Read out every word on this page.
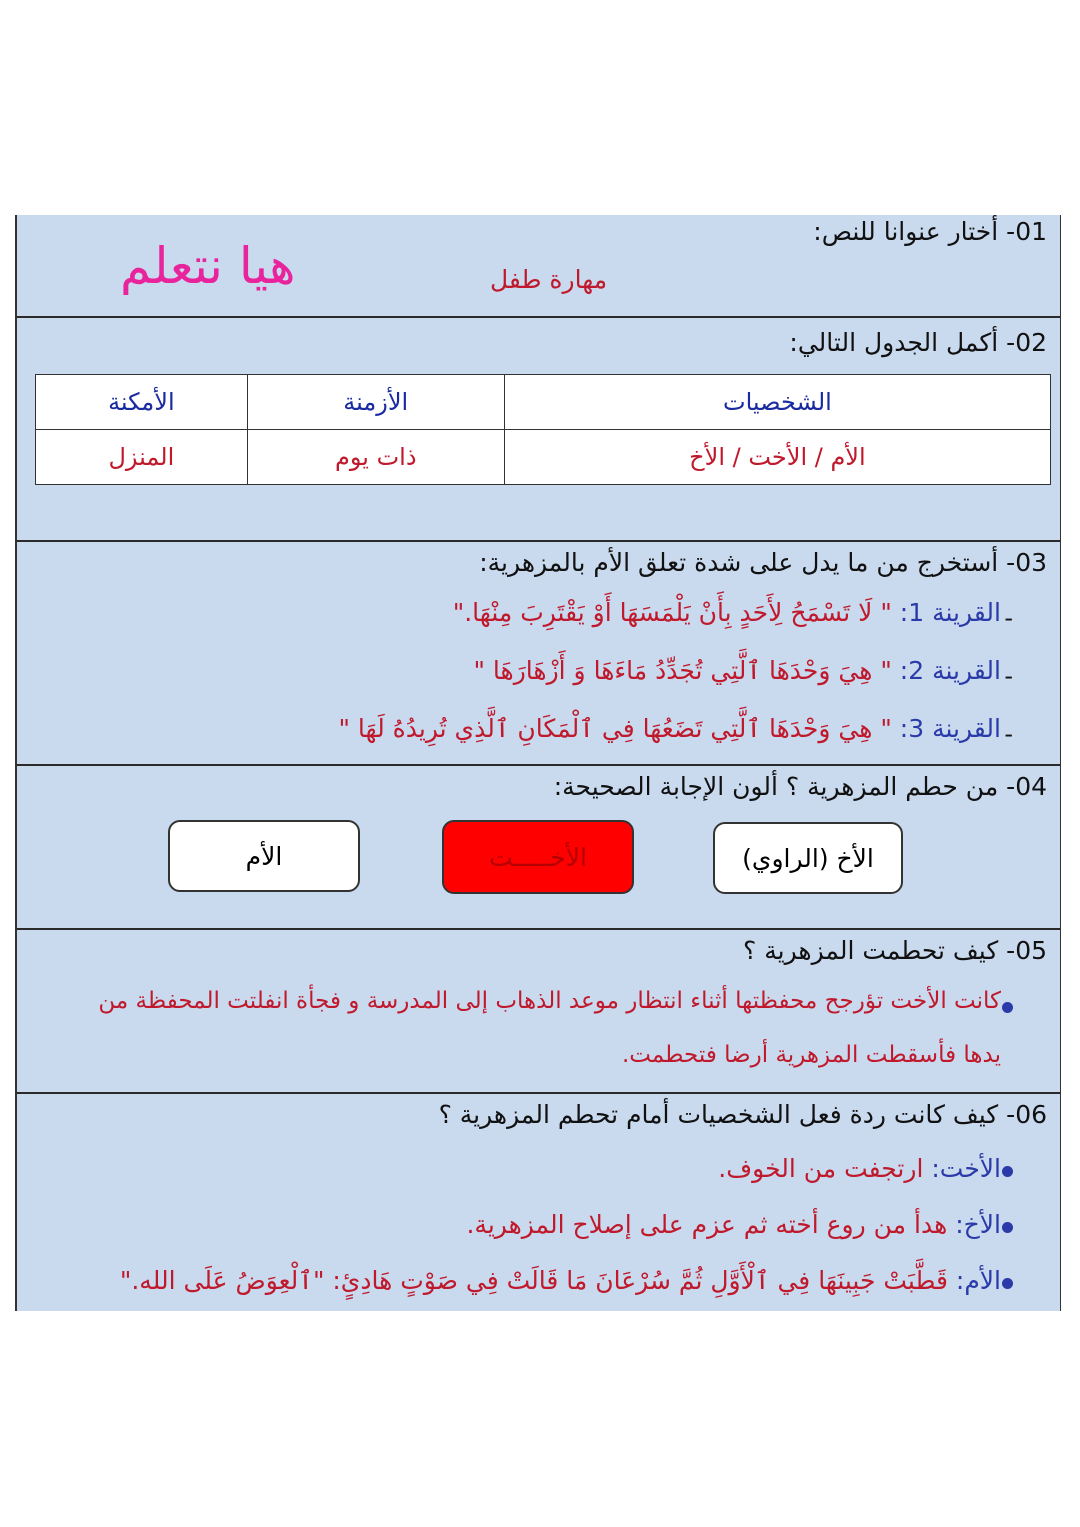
01- أختار عنوانا للنص:
مهارة طفل
هيا نتعلم
02- أكمل الجدول التالي:
الشخصيات	الأزمنة	الأمكنة
الأم / الأخت / الأخ	ذات يوم	المنزل
03- أستخرج من ما يدل على شدة تعلق الأم بالمزهرية:
-
القرينة 1: " لَا تَسْمَحُ لِأَحَدٍ بِأَنْ يَلْمَسَهَا أَوْ يَقْتَرِبَ مِنْهَا."
-
القرينة 2: " هِيَ وَحْدَهَا ٱلَّتِي تُجَدِّدُ مَاءَهَا وَ أَزْهَارَهَا "
-
القرينة 3: " هِيَ وَحْدَهَا ٱلَّتِي تَضَعُهَا فِي ٱلْمَكَانِ ٱلَّذِي تُرِيدُهُ لَهَا "
04- من حطم المزهرية ؟ ألون الإجابة الصحيحة:
الأخ (الراوي)
الأخـــــت
الأم
05- كيف تحطمت المزهرية ؟
كانت الأخت تؤرجح محفظتها أثناء انتظار موعد الذهاب إلى المدرسة و فجأة انفلتت المحفظة من
يدها فأسقطت المزهرية أرضا فتحطمت.
06- كيف كانت ردة فعل الشخصيات أمام تحطم المزهرية ؟
الأخت: ارتجفت من الخوف.
الأخ: هدأ من روع أخته ثم عزم على إصلاح المزهرية.
الأم: قَطَّبَتْ جَبِينَهَا فِي ٱلْأَوَّلِ ثُمَّ سُرْعَانَ مَا قَالَتْ فِي صَوْتٍ هَادِئٍ: "ٱلْعِوَضُ عَلَى الله."
